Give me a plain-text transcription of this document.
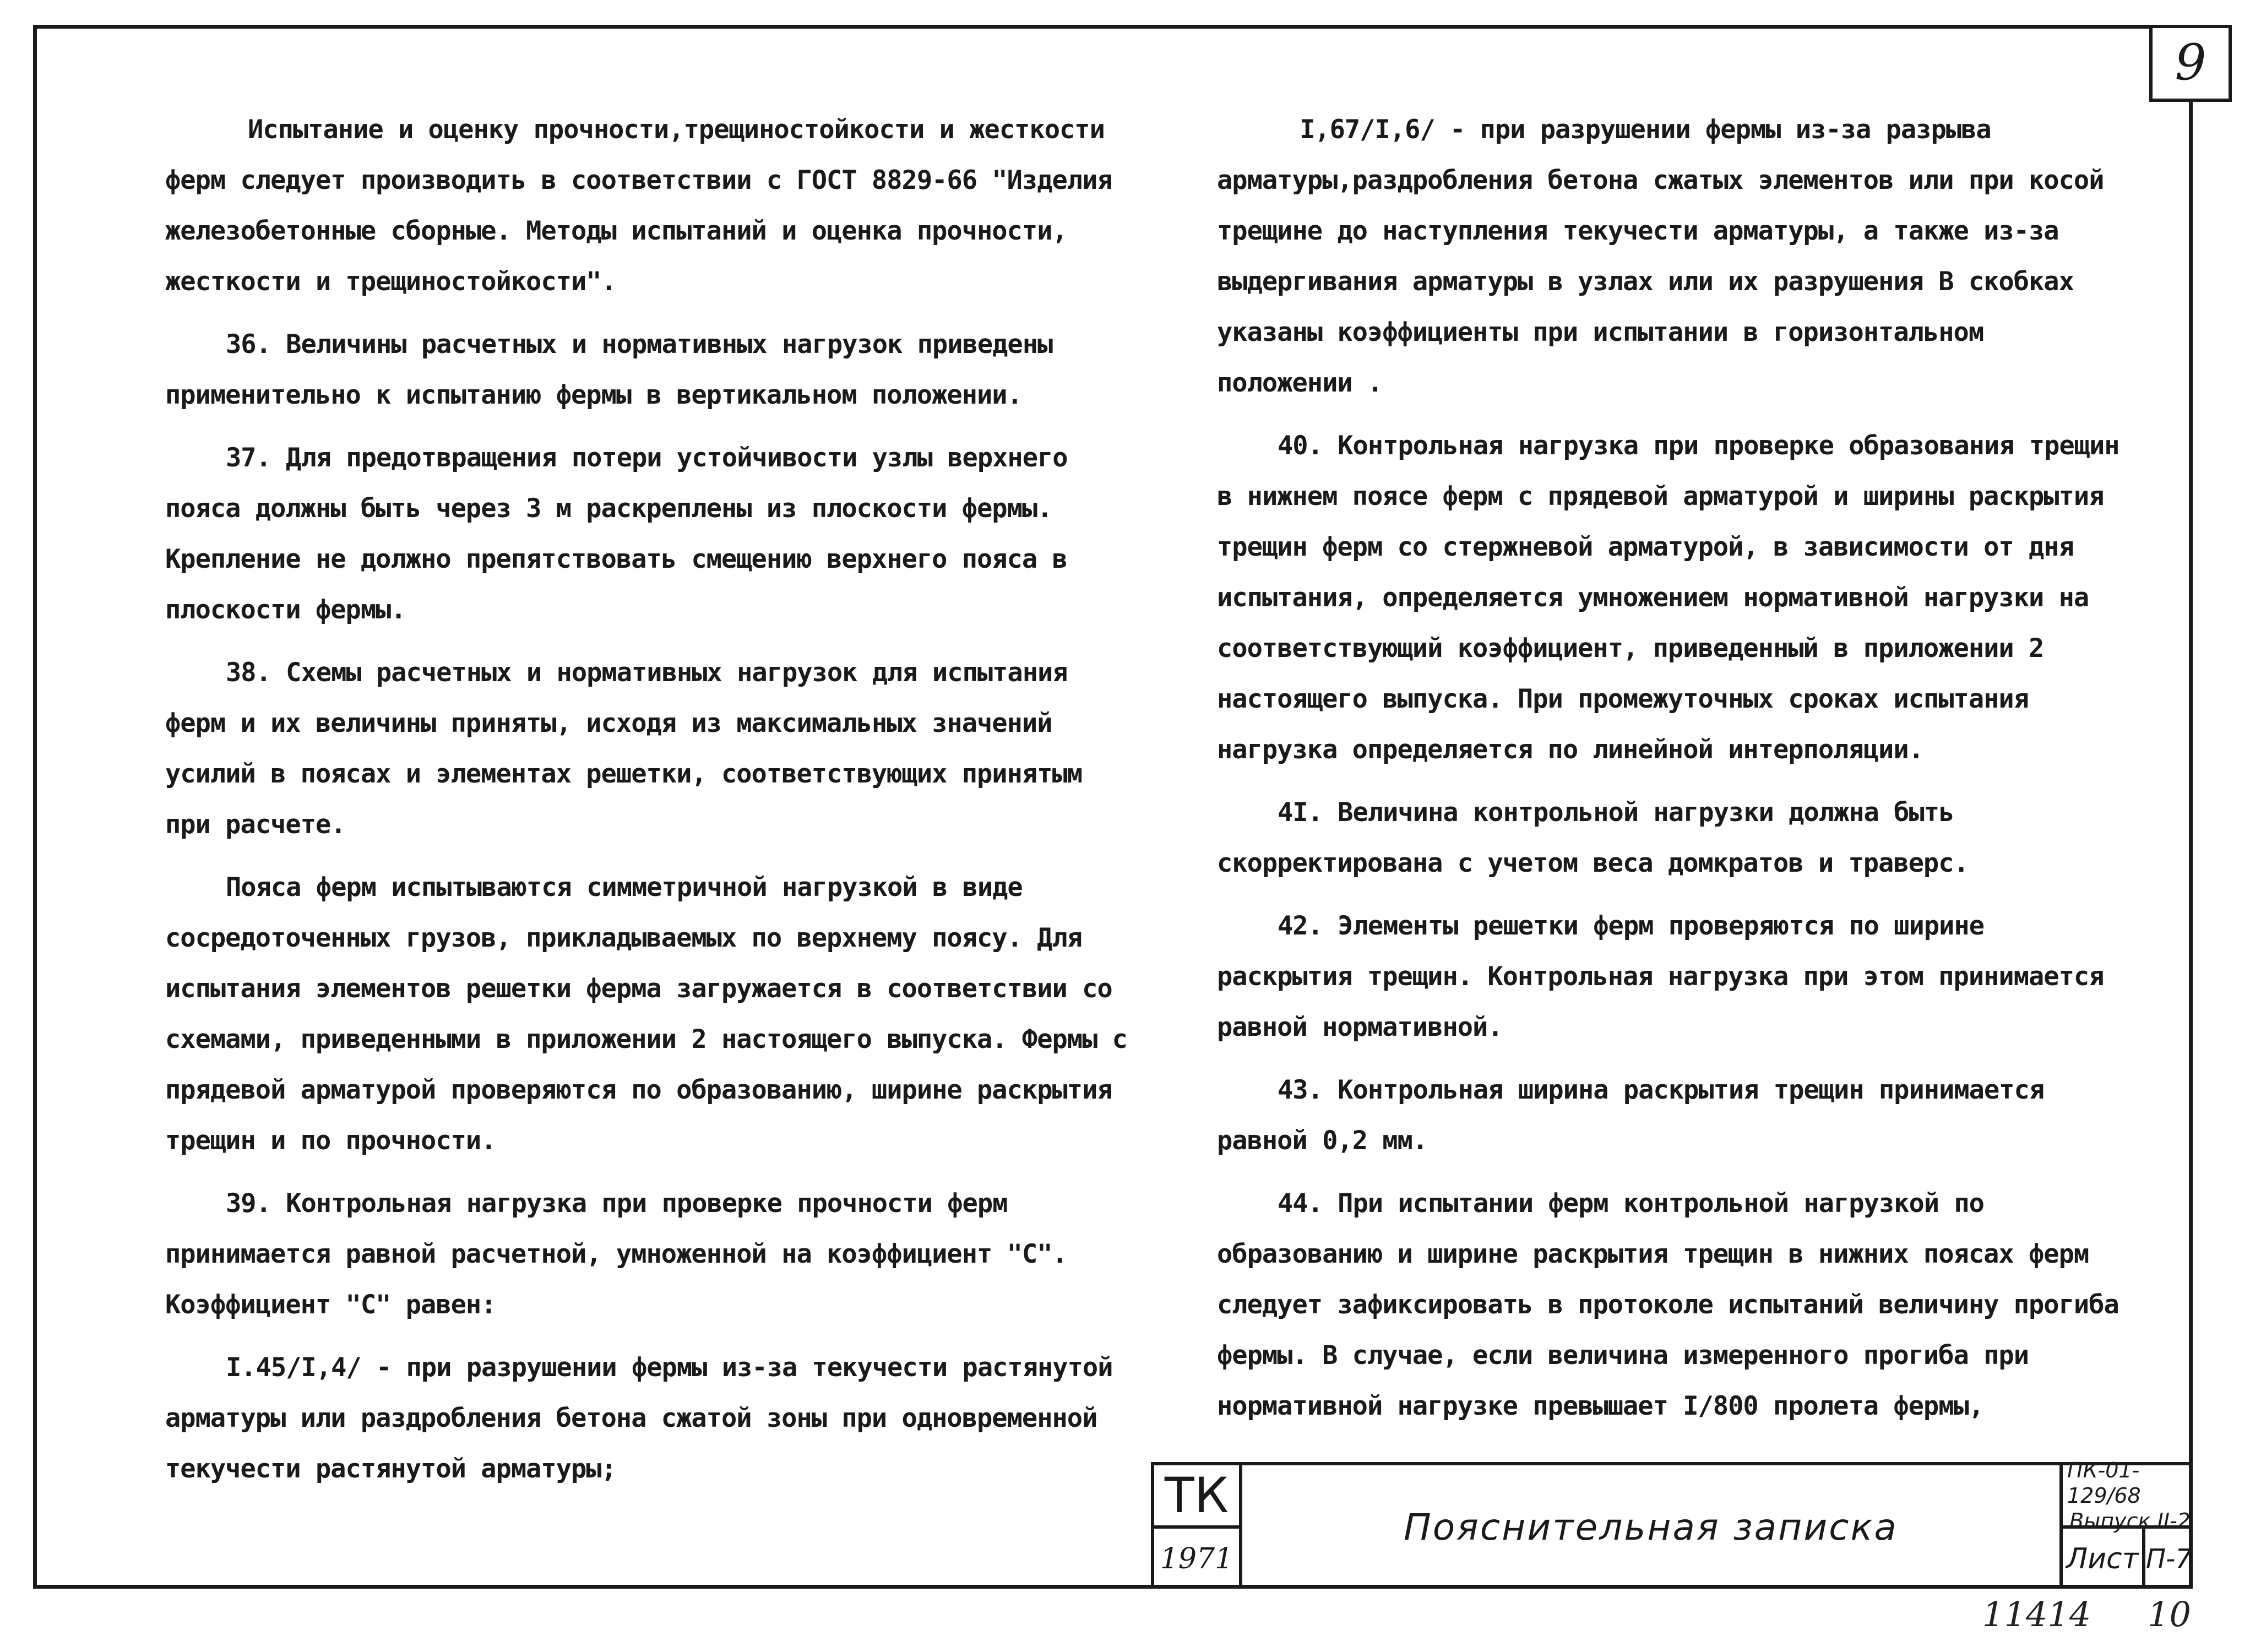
9

Испытание и оценку прочности,трещиностойкости и жесткости ферм следует производить в соответствии с ГОСТ 8829-66 "Изделия железобетонные сборные. Методы испытаний и оценка прочности, жесткости и трещиностойкости".

36. Величины расчетных и нормативных нагрузок приведены применительно к испытанию фермы в вертикальном положении.

37. Для предотвращения потери устойчивости узлы верхнего пояса должны быть через 3 м раскреплены из плоскости фермы. Крепление не должно препятствовать смещению верхнего пояса в плоскости фермы.

38. Схемы расчетных и нормативных нагрузок для испытания ферм и их величины приняты, исходя из максимальных значений усилий в поясах и элементах решетки, соответствующих принятым при расчете.

Пояса ферм испытываются симметричной нагрузкой в виде сосредоточенных грузов, прикладываемых по верхнему поясу. Для испытания элементов решетки ферма загружается в соответствии со схемами, приведенными в приложении 2 настоящего выпуска. Фермы с прядевой арматурой проверяются по образованию, ширине раскрытия трещин и по прочности.

39. Контрольная нагрузка при проверке прочности ферм принимается равной расчетной, умноженной на коэффициент "С". Коэффициент "С" равен:

I.45/I,4/ - при разрушении фермы из-за текучести растянутой арматуры или раздробления бетона сжатой зоны при одновременной текучести растянутой арматуры;

I,67/I,6/ - при разрушении фермы из-за разрыва арматуры,раздробления бетона сжатых элементов или при косой трещине до наступления текучести арматуры, а также из-за выдергивания арматуры в узлах или их разрушения В скобках указаны коэффициенты при испытании в горизонтальном положении .

40. Контрольная нагрузка при проверке образования трещин в нижнем поясе ферм с прядевой арматурой и ширины раскрытия трещин ферм со стержневой арматурой, в зависимости от дня испытания, определяется умножением нормативной нагрузки на соответствующий коэффициент, приведенный в приложении 2 настоящего выпуска. При промежуточных сроках испытания нагрузка определяется по линейной интерполяции.

4I. Величина контрольной нагрузки должна быть скорректирована с учетом веса домкратов и траверс.

42. Элементы решетки ферм проверяются по ширине раскрытия трещин. Контрольная нагрузка при этом принимается равной нормативной.

43. Контрольная ширина раскрытия трещин принимается равной 0,2 мм.

44. При испытании ферм контрольной нагрузкой по образованию и ширине раскрытия трещин в нижних поясах ферм следует зафиксировать в протоколе испытаний величину прогиба фермы. В случае, если величина измеренного прогиба при нормативной нагрузке превышает I/800 пролета фермы,

ТК
1971
Пояснительная записка
ПК-01-129/68
Выпуск II-2
Лист П-7
11414 10
